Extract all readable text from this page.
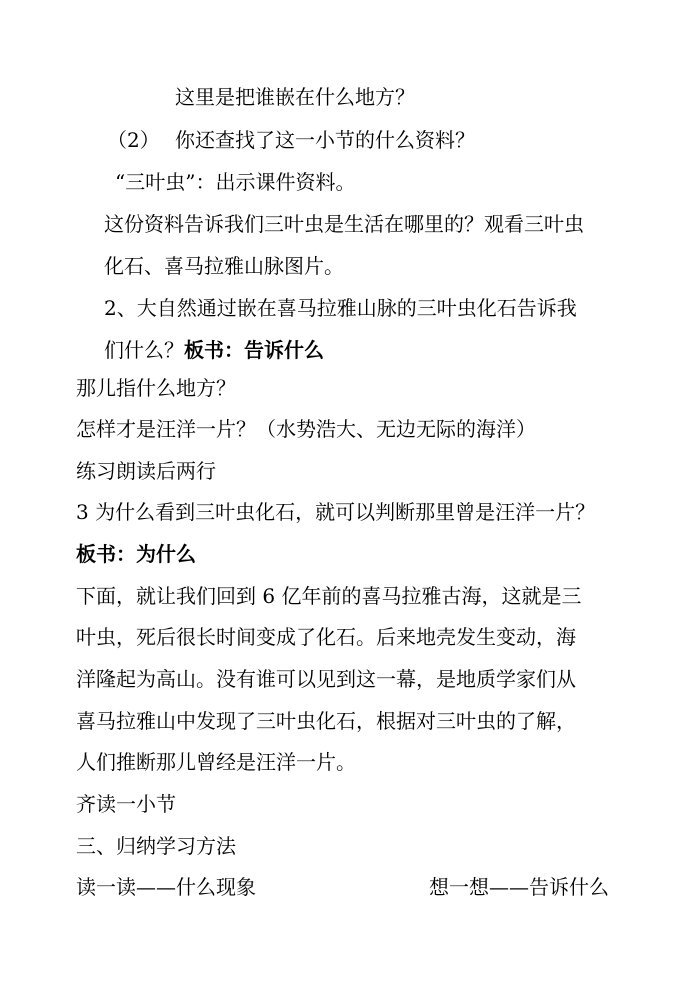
这里是把谁嵌在什么地方？

（2） 你还查找了这一小节的什么资料？

“三叶虫”：出示课件资料。

这份资料告诉我们三叶虫是生活在哪里的？观看三叶虫

化石、喜马拉雅山脉图片。

2、大自然通过嵌在喜马拉雅山脉的三叶虫化石告诉我

们什么？板书：告诉什么

那儿指什么地方？

怎样才是汪洋一片？（水势浩大、无边无际的海洋）

练习朗读后两行

3 为什么看到三叶虫化石，就可以判断那里曾是汪洋一片？

板书：为什么

下面，就让我们回到 6 亿年前的喜马拉雅古海，这就是三

叶虫，死后很长时间变成了化石。后来地壳发生变动，海

洋隆起为高山。没有谁可以见到这一幕，是地质学家们从

喜马拉雅山中发现了三叶虫化石，根据对三叶虫的了解，

人们推断那儿曾经是汪洋一片。

齐读一小节

三、归纳学习方法

读一读——什么现象	想一想——告诉什么
